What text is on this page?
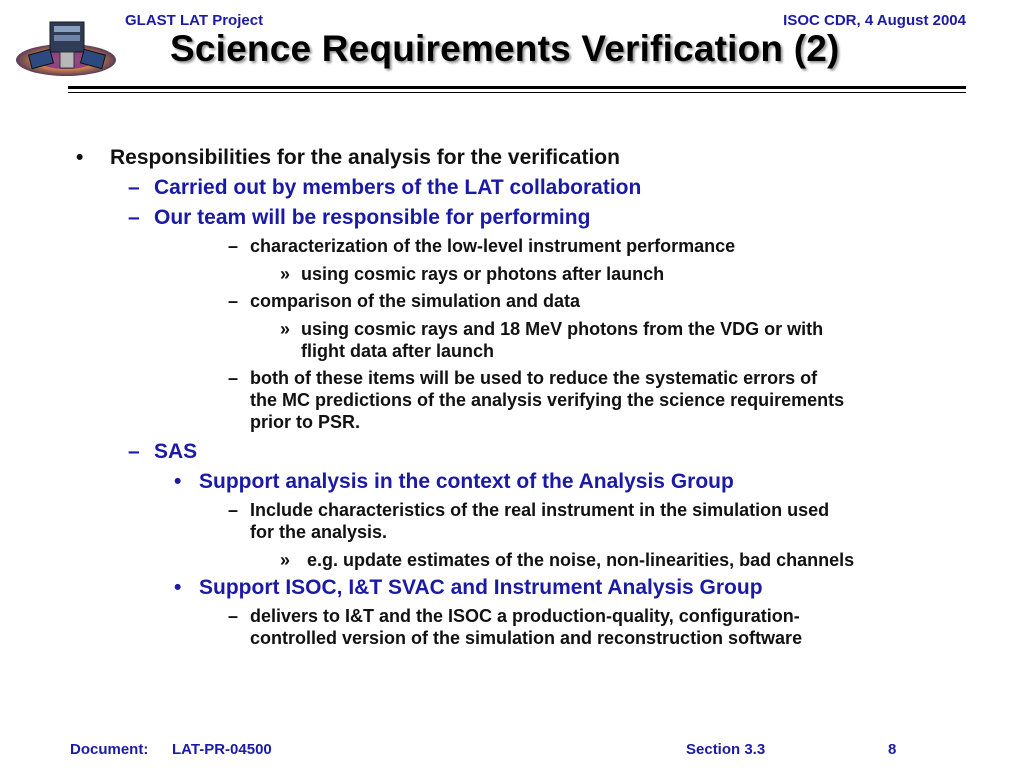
GLAST LAT Project	ISOC CDR, 4 August 2004
Science Requirements Verification (2)
• Responsibilities for the analysis for the verification
– Carried out by members of the LAT collaboration
– Our team will be responsible for performing
– characterization of the low-level instrument performance
» using cosmic rays or photons after launch
– comparison of the simulation and data
» using cosmic rays and 18 MeV photons from the VDG or with
flight data after launch
– both of these items will be used to reduce the systematic errors of
the MC predictions of the analysis verifying the science requirements
prior to PSR.
– SAS
• Support analysis in the context of the Analysis Group
– Include characteristics of the real instrument in the simulation used
for the analysis.
» e.g. update estimates of the noise, non-linearities, bad channels
• Support ISOC, I&T SVAC and Instrument Analysis Group
– delivers to I&T and the ISOC a production-quality, configuration-
controlled version of the simulation and reconstruction software
Document: LAT-PR-04500	Section 3.3	8
